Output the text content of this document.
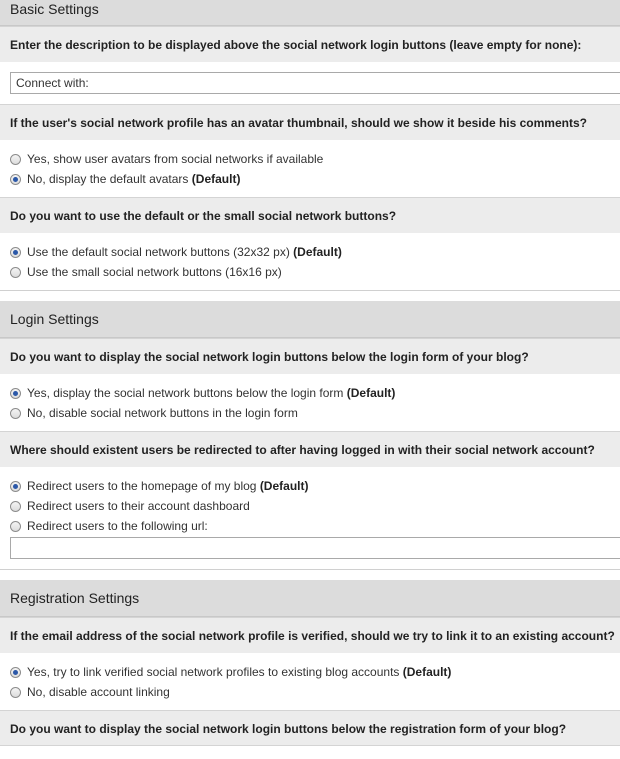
Basic Settings
Enter the description to be displayed above the social network login buttons (leave empty for none):
Connect with:
If the user's social network profile has an avatar thumbnail, should we show it beside his comments?
Yes, show user avatars from social networks if available
No, display the default avatars
(Default)
Do you want to use the default or the small social network buttons?
Use the default social network buttons (32x32 px)
(Default)
Use the small social network buttons (16x16 px)
Login Settings
Do you want to display the social network login buttons below the login form of your blog?
Yes, display the social network buttons below the login form
(Default)
No, disable social network buttons in the login form
Where should existent users be redirected to after having logged in with their social network account?
Redirect users to the homepage of my blog
(Default)
Redirect users to their account dashboard
Redirect users to the following url:
Registration Settings
If the email address of the social network profile is verified, should we try to link it to an existing account?
Yes, try to link verified social network profiles to existing blog accounts
(Default)
No, disable account linking
Do you want to display the social network login buttons below the registration form of your blog?
